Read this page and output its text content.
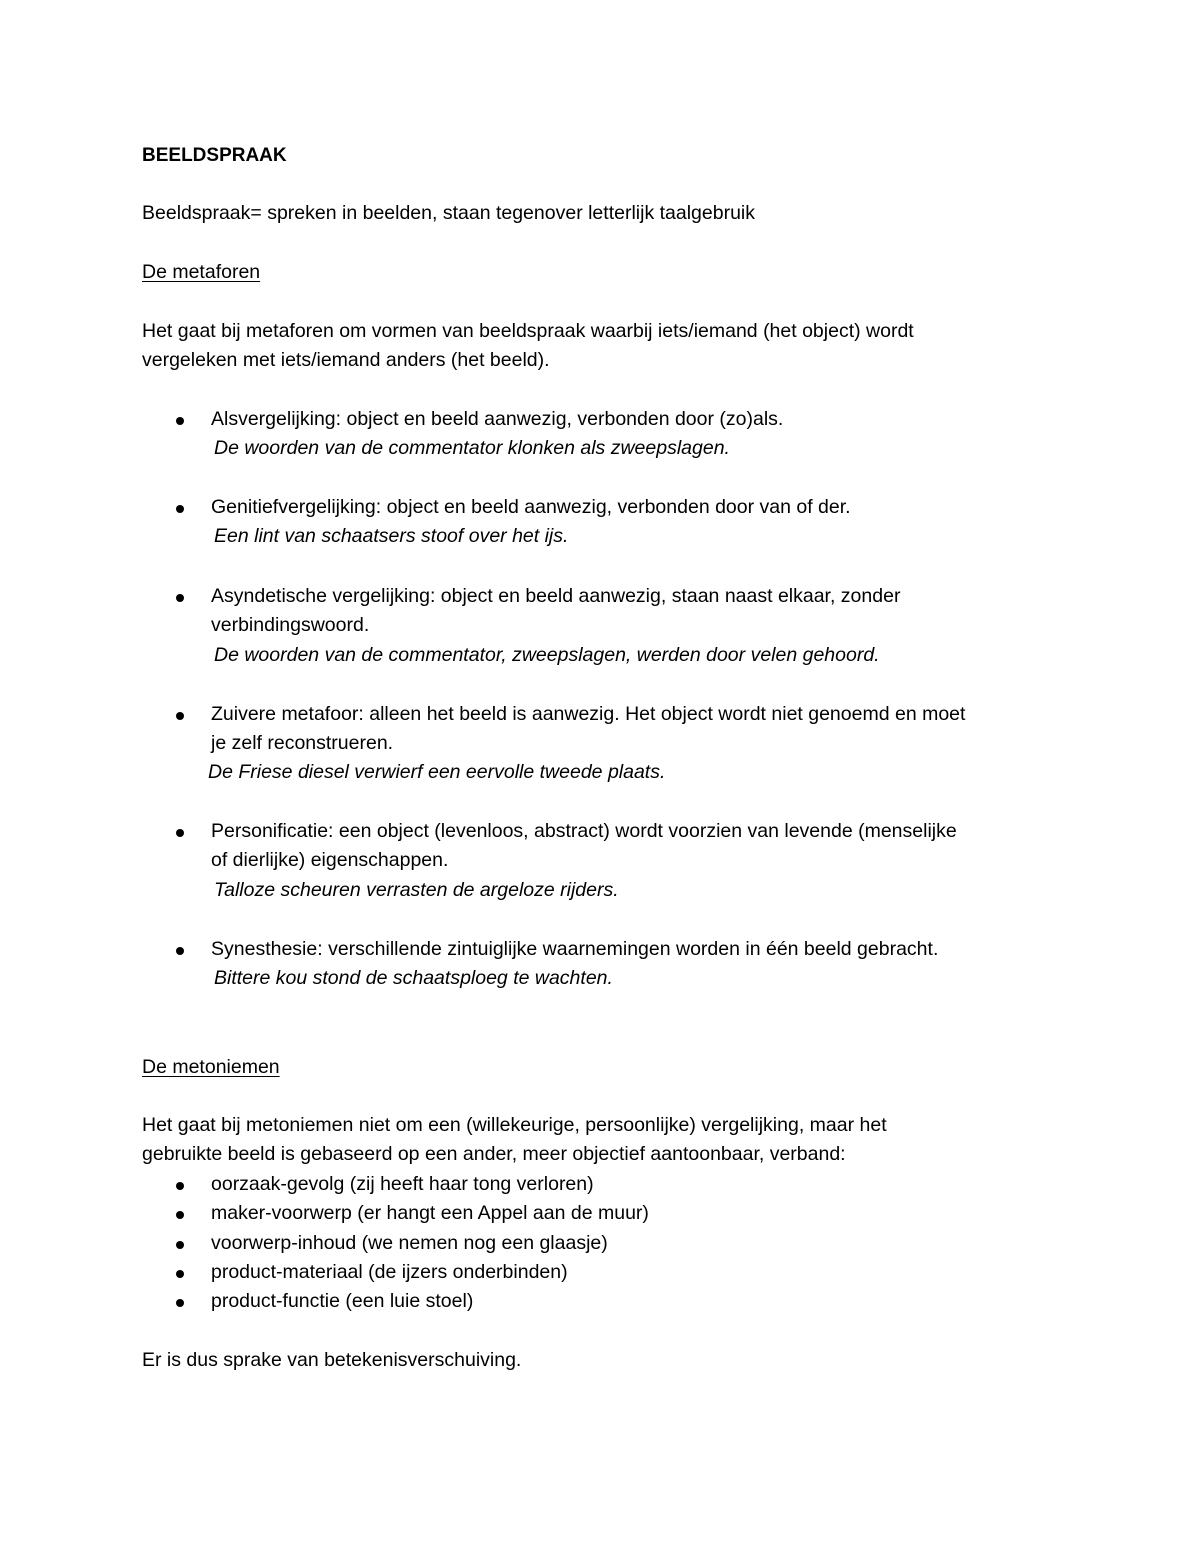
BEELDSPRAAK
Beeldspraak= spreken in beelden, staan tegenover letterlijk taalgebruik
De metaforen
Het gaat bij metaforen om vormen van beeldspraak waarbij iets/iemand (het object) wordt
vergeleken met iets/iemand anders (het beeld).
Alsvergelijking: object en beeld aanwezig, verbonden door (zo)als.
De woorden van de commentator klonken als zweepslagen.
Genitiefvergelijking: object en beeld aanwezig, verbonden door van of der.
Een lint van schaatsers stoof over het ijs.
Asyndetische vergelijking: object en beeld aanwezig, staan naast elkaar, zonder
verbindingswoord.
De woorden van de commentator, zweepslagen, werden door velen gehoord.
Zuivere metafoor: alleen het beeld is aanwezig. Het object wordt niet genoemd en moet
je zelf reconstrueren.
De Friese diesel verwierf een eervolle tweede plaats.
Personificatie: een object (levenloos, abstract) wordt voorzien van levende (menselijke
of dierlijke) eigenschappen.
Talloze scheuren verrasten de argeloze rijders.
Synesthesie: verschillende zintuiglijke waarnemingen worden in één beeld gebracht.
Bittere kou stond de schaatsploeg te wachten.
De metoniemen
Het gaat bij metoniemen niet om een (willekeurige, persoonlijke) vergelijking, maar het
gebruikte beeld is gebaseerd op een ander, meer objectief aantoonbaar, verband:
oorzaak-gevolg (zij heeft haar tong verloren)
maker-voorwerp (er hangt een Appel aan de muur)
voorwerp-inhoud (we nemen nog een glaasje)
product-materiaal (de ijzers onderbinden)
product-functie (een luie stoel)
Er is dus sprake van betekenisverschuiving.
